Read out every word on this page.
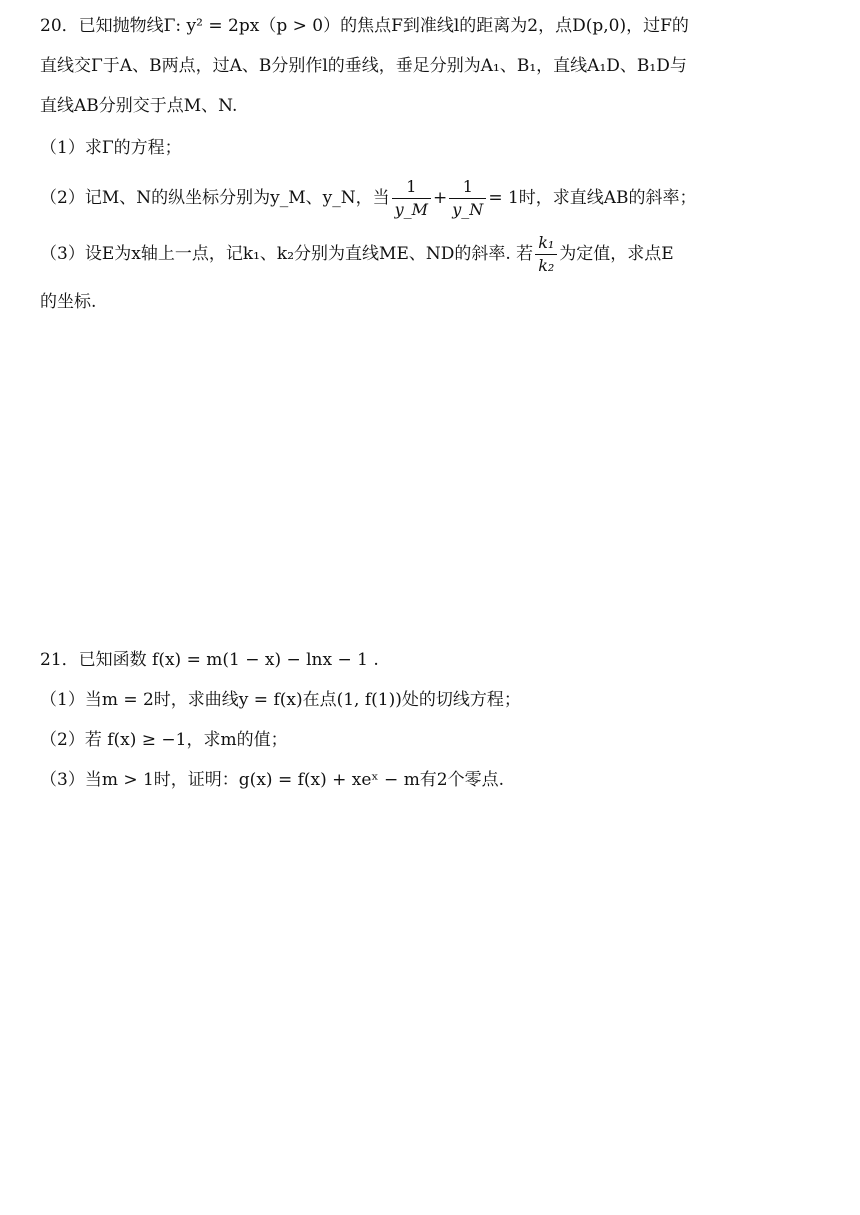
20．已知抛物线Γ: y² = 2px（p > 0）的焦点F到准线l的距离为2，点D(p,0)，过F的
直线交Γ于A、B两点，过A、B分别作l的垂线，垂足分别为A₁、B₁，直线A₁D、B₁D与
直线AB分别交于点M、N.
（1）求Γ的方程；
（2）记M、N的纵坐标分别为y_M、y_N，当 $\frac{1}{y\_M} + \frac{1}{y\_N} = 1$时，求直线AB的斜率；
（3）设E为x轴上一点，记k₁、k₂分别为直线ME、ND的斜率. 若 $\frac{\text{k₁}}{\text{k₂}}$ 为定值，求点E
的坐标.
21．已知函数 f(x) = m(1 − x) − lnx − 1 .
（1）当m = 2时，求曲线y = f(x)在点(1, f(1))处的切线方程；
（2）若 f(x) ≥ −1，求m的值；
（3）当m > 1时，证明：g(x) = f(x) + xeˣ − m有2个零点.
